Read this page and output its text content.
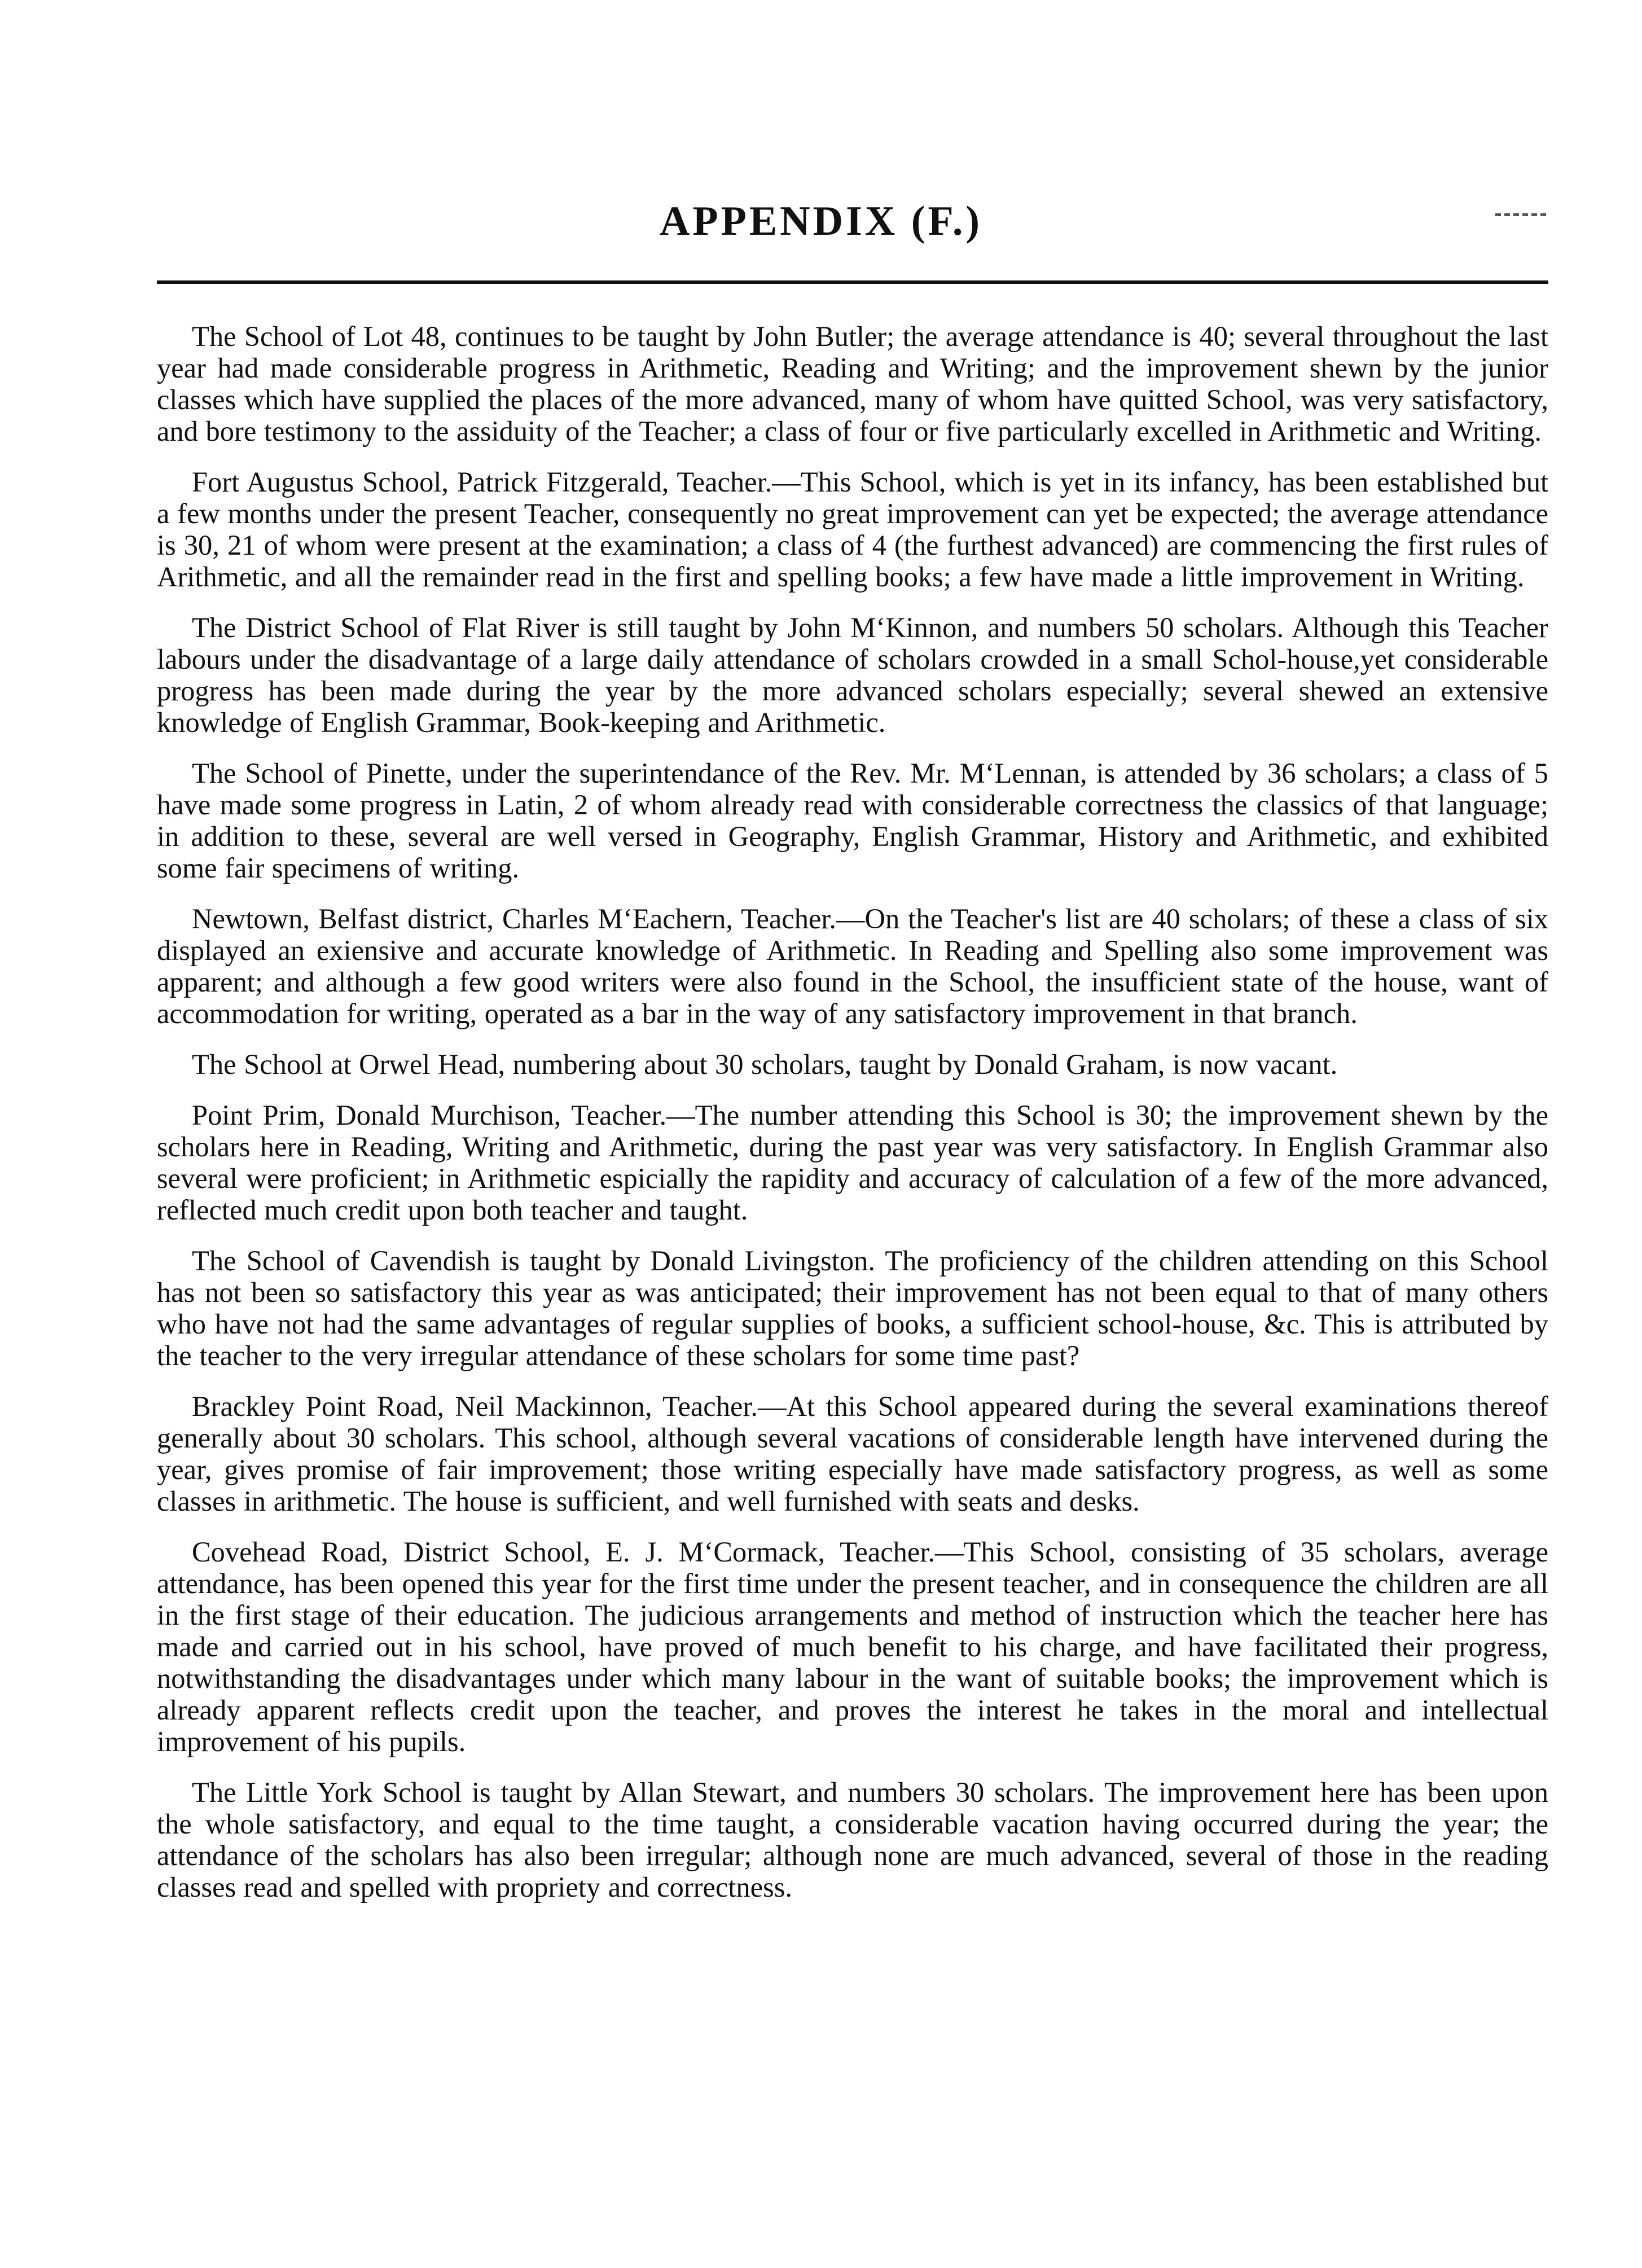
APPENDIX (F.)

The School of Lot 48, continues to be taught by John Butler; the average attendance is 40; several throughout the last year had made considerable progress in Arithmetic, Reading and Writing; and the improvement shewn by the junior classes which have supplied the places of the more advanced, many of whom have quitted School, was very satisfactory, and bore testimony to the assiduity of the Teacher; a class of four or five particularly excelled in Arithmetic and Writing.

Fort Augustus School, Patrick Fitzgerald, Teacher.—This School, which is yet in its infancy, has been established but a few months under the present Teacher, consequently no great improvement can yet be expected; the average attendance is 30, 21 of whom were present at the examination; a class of 4 (the furthest advanced) are commencing the first rules of Arithmetic, and all the remainder read in the first and spelling books; a few have made a little improvement in Writing.

The District School of Flat River is still taught by John M‘Kinnon, and numbers 50 scholars. Although this Teacher labours under the disadvantage of a large daily attendance of scholars crowded in a small Schol-house,yet considerable progress has been made during the year by the more advanced scholars especially; several shewed an extensive knowledge of English Grammar, Book-keeping and Arithmetic.

The School of Pinette, under the superintendance of the Rev. Mr. M‘Lennan, is attended by 36 scholars; a class of 5 have made some progress in Latin, 2 of whom already read with considerable correctness the classics of that language; in addition to these, several are well versed in Geography, English Grammar, History and Arithmetic, and exhibited some fair specimens of writing.

Newtown, Belfast district, Charles M‘Eachern, Teacher.—On the Teacher's list are 40 scholars; of these a class of six displayed an exiensive and accurate knowledge of Arithmetic. In Reading and Spelling also some improvement was apparent; and although a few good writers were also found in the School, the insufficient state of the house, want of accommodation for writing, operated as a bar in the way of any satisfactory improvement in that branch.

The School at Orwel Head, numbering about 30 scholars, taught by Donald Graham, is now vacant.

Point Prim, Donald Murchison, Teacher.—The number attending this School is 30; the improvement shewn by the scholars here in Reading, Writing and Arithmetic, during the past year was very satisfactory. In English Grammar also several were proficient; in Arithmetic espicially the rapidity and accuracy of calculation of a few of the more advanced, reflected much credit upon both teacher and taught.

The School of Cavendish is taught by Donald Livingston. The proficiency of the children attending on this School has not been so satisfactory this year as was anticipated; their improvement has not been equal to that of many others who have not had the same advantages of regular supplies of books, a sufficient school-house, &c. This is attributed by the teacher to the very irregular attendance of these scholars for some time past?

Brackley Point Road, Neil Mackinnon, Teacher.—At this School appeared during the several examinations thereof generally about 30 scholars. This school, although several vacations of considerable length have intervened during the year, gives promise of fair improvement; those writing especially have made satisfactory progress, as well as some classes in arithmetic. The house is sufficient, and well furnished with seats and desks.

Covehead Road, District School, E. J. M‘Cormack, Teacher.—This School, consisting of 35 scholars, average attendance, has been opened this year for the first time under the present teacher, and in consequence the children are all in the first stage of their education. The judicious arrangements and method of instruction which the teacher here has made and carried out in his school, have proved of much benefit to his charge, and have facilitated their progress, notwithstanding the disadvantages under which many labour in the want of suitable books; the improvement which is already apparent reflects credit upon the teacher, and proves the interest he takes in the moral and intellectual improvement of his pupils.

The Little York School is taught by Allan Stewart, and numbers 30 scholars. The improvement here has been upon the whole satisfactory, and equal to the time taught, a considerable vacation having occurred during the year; the attendance of the scholars has also been irregular; although none are much advanced, several of those in the reading classes read and spelled with propriety and correctness.
